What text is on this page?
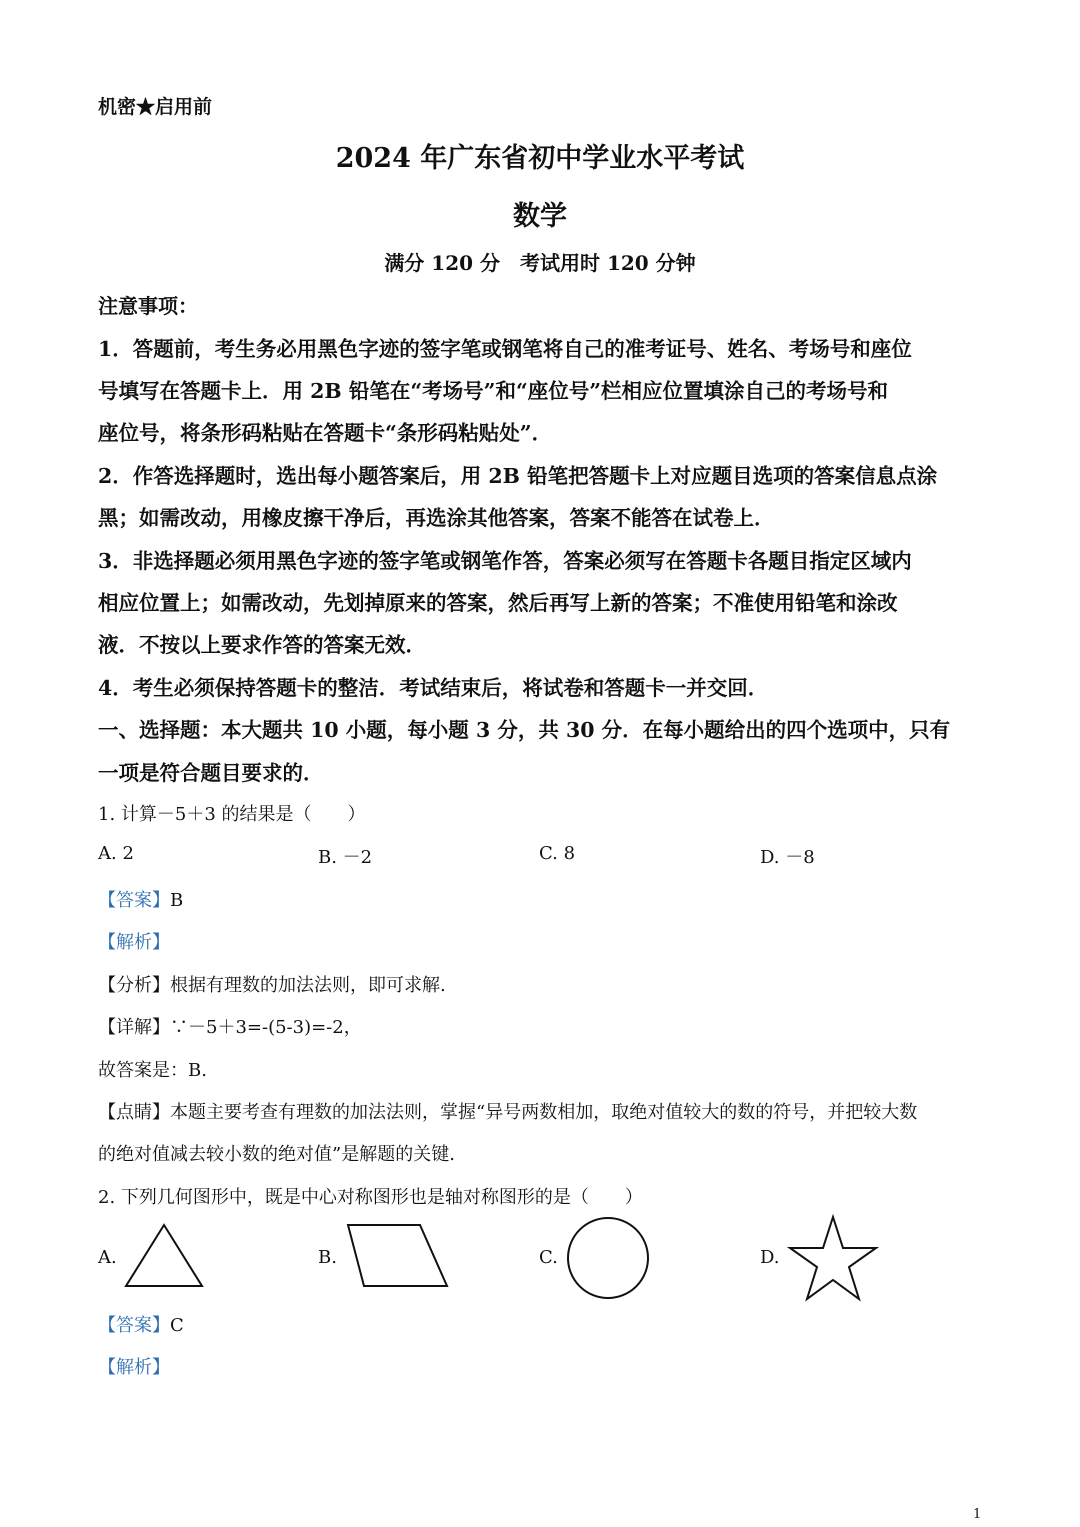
机密★启用前
2024 年广东省初中学业水平考试
数学
满分 120 分　考试用时 120 分钟
注意事项：
1．答题前，考生务必用黑色字迹的签字笔或钢笔将自己的准考证号、姓名、考场号和座位
号填写在答题卡上．用 2B 铅笔在“考场号”和“座位号”栏相应位置填涂自己的考场号和
座位号，将条形码粘贴在答题卡“条形码粘贴处”．
2．作答选择题时，选出每小题答案后，用 2B 铅笔把答题卡上对应题目选项的答案信息点涂
黑；如需改动，用橡皮擦干净后，再选涂其他答案，答案不能答在试卷上．
3．非选择题必须用黑色字迹的签字笔或钢笔作答，答案必须写在答题卡各题目指定区域内
相应位置上；如需改动，先划掉原来的答案，然后再写上新的答案；不准使用铅笔和涂改
液．不按以上要求作答的答案无效．
4．考生必须保持答题卡的整洁．考试结束后，将试卷和答题卡一并交回．
一、选择题：本大题共 10 小题，每小题 3 分，共 30 分．在每小题给出的四个选项中，只有
一项是符合题目要求的．
1. 计算－5＋3 的结果是（　　）
A. 2	B. －2	C. 8	D. －8
【答案】B
【解析】
【分析】根据有理数的加法法则，即可求解.
【详解】∵－5＋3=-(5-3)=-2，
故答案是：B.
【点睛】本题主要考查有理数的加法法则，掌握“异号两数相加，取绝对值较大的数的符号，并把较大数
的绝对值减去较小数的绝对值”是解题的关键.
2. 下列几何图形中，既是中心对称图形也是轴对称图形的是（　　）
A.	B.	C.	D.
【答案】C
【解析】
1
